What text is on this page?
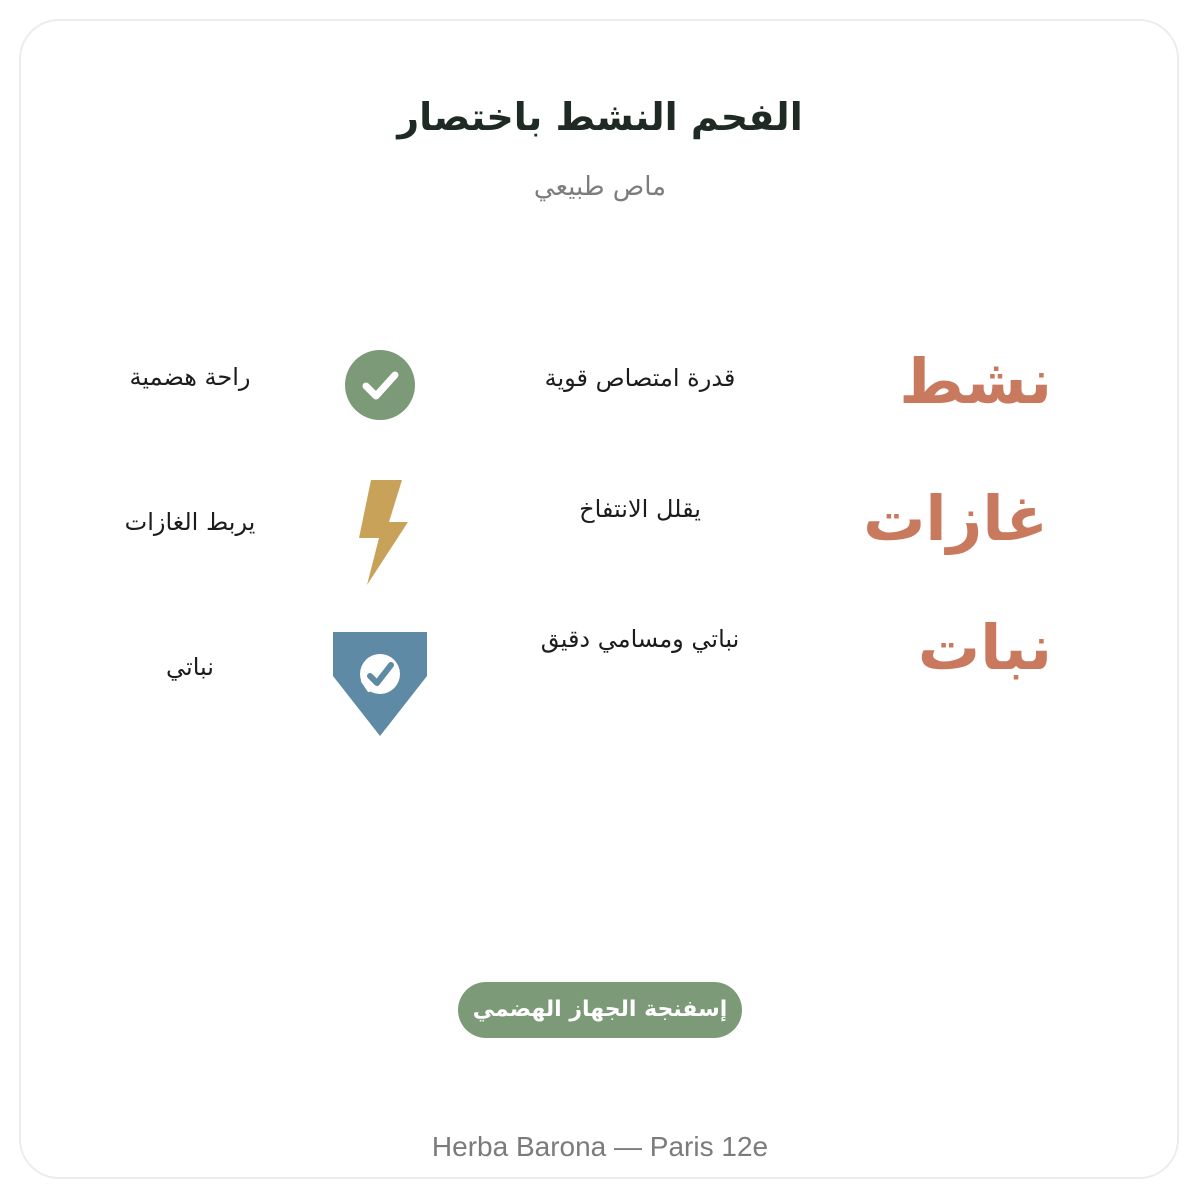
الفحم النشط باختصار
ماص طبيعي
نشط
قدرة امتصاص قوية
راحة هضمية
غازات
يقلل الانتفاخ
يربط الغازات
نبات
نباتي ومسامي دقيق
نباتي
إسفنجة الجهاز الهضمي
Herba Barona — Paris 12e
